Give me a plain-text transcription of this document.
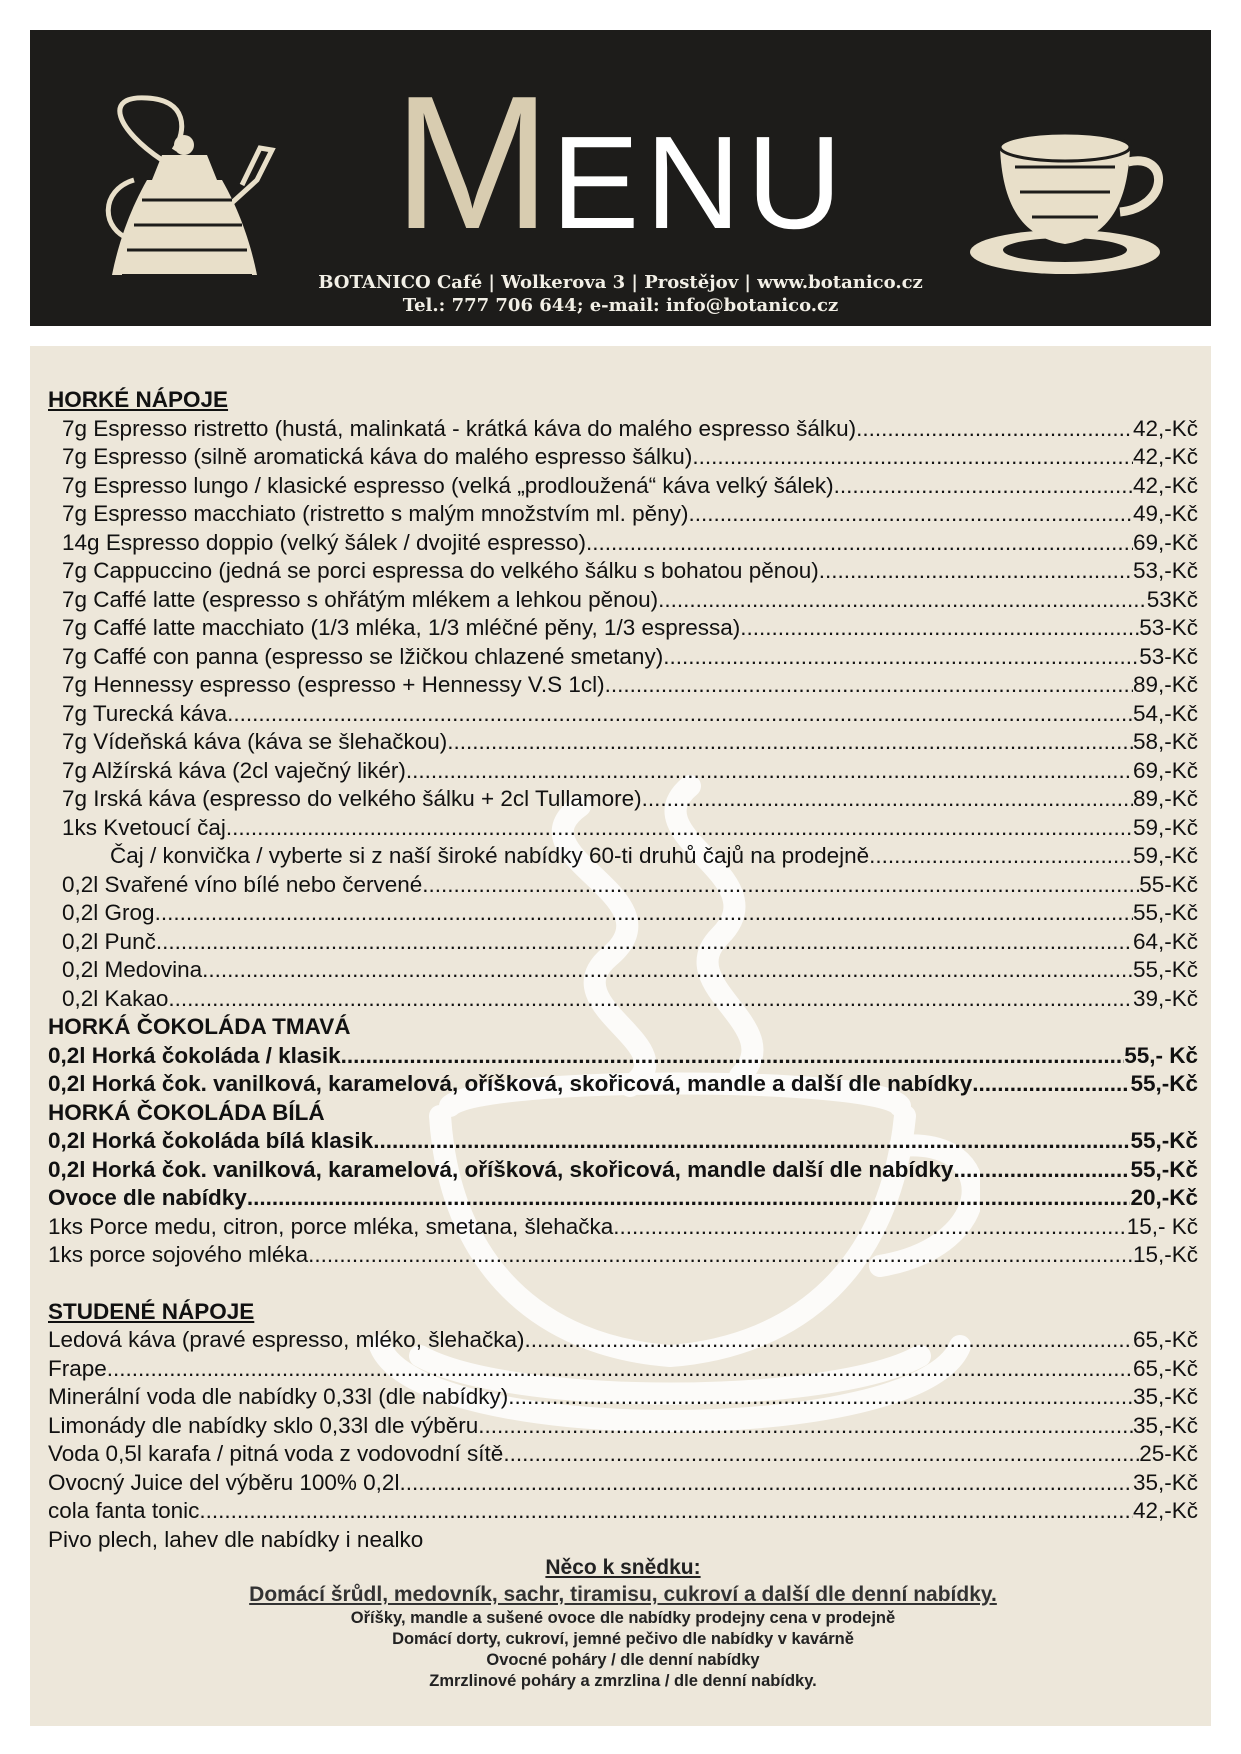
MENU
BOTANICO Café | Wolkerova 3 | Prostějov | www.botanico.cz
Tel.: 777 706 644; e-mail: info@botanico.cz
HORKÉ NÁPOJE
7g Espresso ristretto (hustá, malinkatá - krátká káva do malého espresso šálku) .....	42,-Kč
7g Espresso (silně aromatická káva do malého espresso šálku) .....	42,-Kč
7g Espresso lungo / klasické espresso (velká „prodloužená“ káva velký šálek) .....	42,-Kč
7g Espresso macchiato (ristretto s malým množstvím ml. pěny) .....	49,-Kč
14g Espresso doppio (velký šálek / dvojité espresso) .....	69,-Kč
7g Cappuccino (jedná se porci espressa do velkého šálku s bohatou pěnou) .....	53,-Kč
7g Caffé latte (espresso s ohřátým mlékem a lehkou pěnou) .....	53Kč
7g Caffé latte macchiato (1/3 mléka, 1/3 mléčné pěny, 1/3 espressa) .....	53-Kč
7g Caffé con panna (espresso se lžičkou chlazené smetany) .....	53-Kč
7g Hennessy espresso (espresso + Hennessy V.S 1cl) .....	89,-Kč
7g Turecká káva .....	54,-Kč
7g Vídeňská káva (káva se šlehačkou) .....	58,-Kč
7g Alžírská káva (2cl vaječný likér) .....	69,-Kč
7g Irská káva (espresso do velkého šálku + 2cl Tullamore) .....	89,-Kč
1ks Kvetoucí čaj .....	59,-Kč
Čaj / konvička / vyberte si z naší široké nabídky 60-ti druhů čajů na prodejně .....	59,-Kč
0,2l Svařené víno bílé nebo červené .....	55-Kč
0,2l Grog .....	55,-Kč
0,2l Punč .....	64,-Kč
0,2l Medovina .....	55,-Kč
0,2l Kakao .....	39,-Kč
HORKÁ ČOKOLÁDA TMAVÁ
0,2l Horká čokoláda / klasik .....	55,- Kč
0,2l Horká čok. vanilková, karamelová, oříšková, skořicová, mandle a další dle nabídky .....	55,-Kč
HORKÁ ČOKOLÁDA BÍLÁ
0,2l Horká čokoláda bílá klasik .....	55,-Kč
0,2l Horká čok. vanilková, karamelová, oříšková, skořicová, mandle další dle nabídky .....	55,-Kč
Ovoce dle nabídky .....	20,-Kč
1ks Porce medu, citron, porce mléka, smetana, šlehačka .....	15,- Kč
1ks porce sojového mléka .....	15,-Kč
STUDENÉ NÁPOJE
Ledová káva (pravé espresso, mléko, šlehačka) .....	65,-Kč
Frape .....	65,-Kč
Minerální voda dle nabídky 0,33l (dle nabídky) .....	35,-Kč
Limonády dle nabídky sklo 0,33l dle výběru..... .....	35,-Kč
Voda 0,5l karafa / pitná voda z vodovodní sítě .....	25-Kč
Ovocný Juice del výběru 100% 0,2l .....	35,-Kč
cola fanta tonic .....	42,-Kč
Pivo plech, lahev dle nabídky i nealko
Něco k snědku:
Domácí šrůdl, medovník, sachr, tiramisu, cukroví a další dle denní nabídky.
Oříšky, mandle a sušené ovoce dle nabídky prodejny cena v prodejně
Domácí dorty, cukroví, jemné pečivo dle nabídky v kavárně
Ovocné poháry / dle denní nabídky
Zmrzlinové poháry a zmrzlina / dle denní nabídky.
